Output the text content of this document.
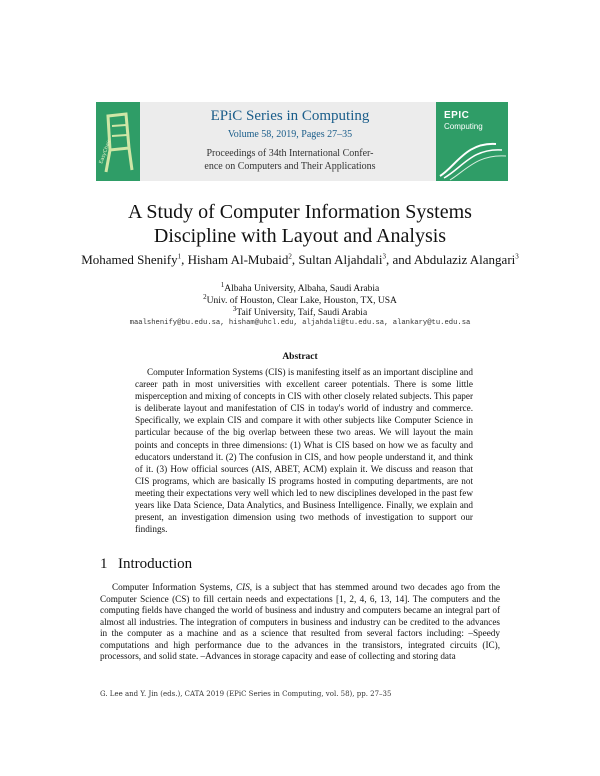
EasyChair
EPiC Series in Computing
Volume 58, 2019, Pages 27–35
Proceedings of 34th International Confer-
ence on Computers and Their Applications
EPIC
Computing
A Study of Computer Information Systems
Discipline with Layout and Analysis
Mohamed Shenify$^1$, Hisham Al-Mubaid$^2$, Sultan Aljahdali$^3$, and Abdulaziz Alangari$^3$
$^1$Albaha University, Albaha, Saudi Arabia
$^2$Univ. of Houston, Clear Lake, Houston, TX, USA
$^3$Taif University, Taif, Saudi Arabia
maalshenify@bu.edu.sa, hisham@uhcl.edu, aljahdali@tu.edu.sa, alankary@tu.edu.sa
Abstract

Computer Information Systems (CIS) is manifesting itself as an important discipline and career path in most universities with excellent career potentials. There is some little misperception and mixing of concepts in CIS with other closely related subjects. This paper is deliberate layout and manifestation of CIS in today's world of industry and commerce. Specifically, we explain CIS and compare it with other subjects like Computer Science in particular because of the big overlap between these two areas. We will layout the main points and concepts in three dimensions: (1) What is CIS based on how we as faculty and educators understand it. (2) The confusion in CIS, and how people understand it, and think of it. (3) How official sources (AIS, ABET, ACM) explain it. We discuss and reason that CIS programs, which are basically IS programs hosted in computing departments, are not meeting their expectations very well which led to new disciplines developed in the past few years like Data Science, Data Analytics, and Business Intelligence. Finally, we explain and present, an investigation dimension using two methods of investigation to support our findings.

1 Introduction

Computer Information Systems, CIS, is a subject that has stemmed around two decades ago from the Computer Science (CS) to fill certain needs and expectations [1, 2, 4, 6, 13, 14]. The computers and the computing fields have changed the world of business and industry and computers became an integral part of almost all industries. The integration of computers in business and industry can be credited to the advances in the computer as a machine and as a science that resulted from several factors including: –Speedy computations and high performance due to the advances in the transistors, integrated circuits (IC), processors, and solid state. –Advances in storage capacity and ease of collecting and storing data

G. Lee and Y. Jin (eds.), CATA 2019 (EPiC Series in Computing, vol. 58), pp. 27–35
